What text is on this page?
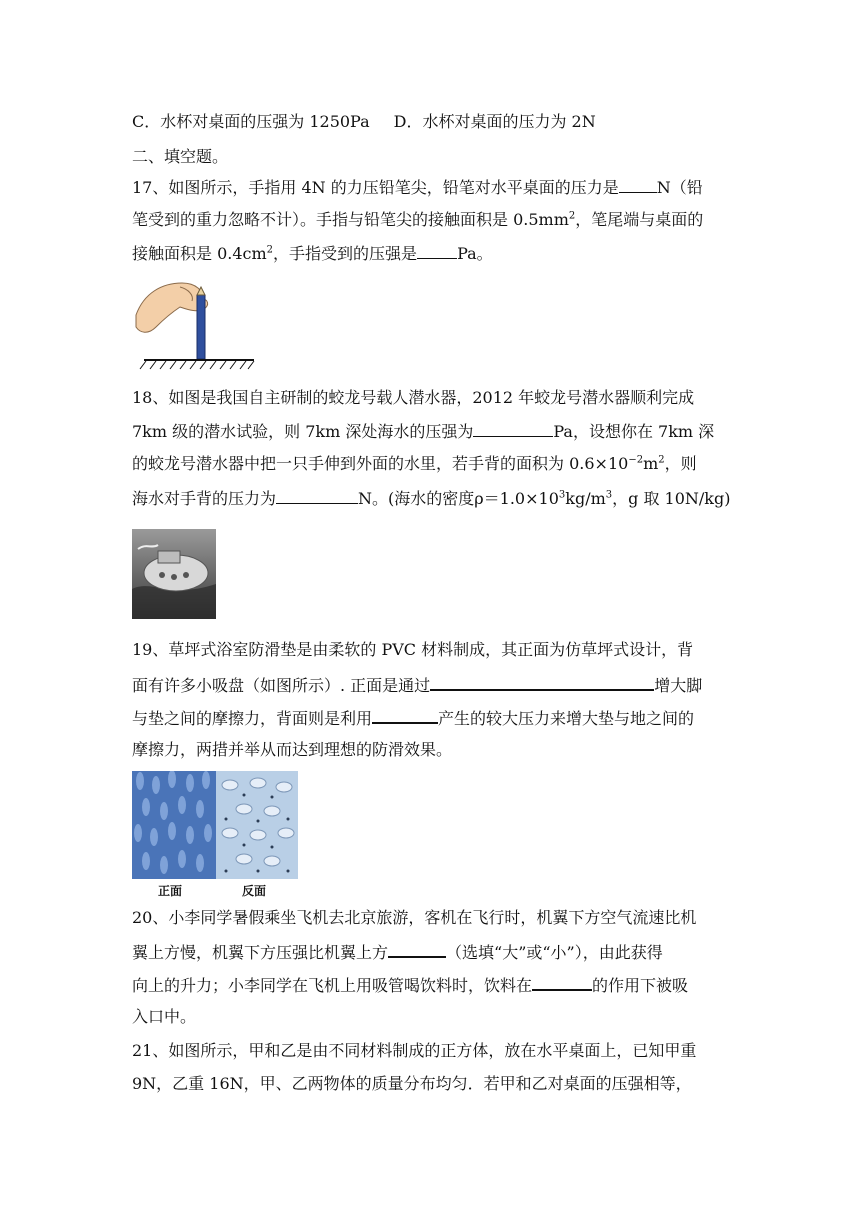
C．水杯对桌面的压强为 1250Pa D．水杯对桌面的压力为 2N
二、填空题。
17、如图所示，手指用 4N 的力压铅笔尖，铅笔对水平桌面的压力是 N（铅
笔受到的重力忽略不计）。手指与铅笔尖的接触面积是 $0.5mm^2$，笔尾端与桌面的
接触面积是 $0.4cm^2$，手指受到的压强是	Pa。
18、如图是我国自主研制的蛟龙号载人潜水器，2012 年蛟龙号潜水器顺利完成
7km 级的潜水试验，则 7km 深处海水的压强为	Pa，设想你在 7km 深
的蛟龙号潜水器中把一只手伸到外面的水里，若手背的面积为 $0.6\times 10^{-2}m^2$，则
海水对手背的压力为	N。(海水的密度$\rho=1.0\times 10^3kg/m^3$，g 取 10N/kg)
19、草坪式浴室防滑垫是由柔软的 PVC 材料制成，其正面为仿草坪式设计，背
面有许多小吸盘（如图所示）. 正面是通过	增大脚
与垫之间的摩擦力，背面则是利用	产生的较大压力来增大垫与地之间的
摩擦力，两措并举从而达到理想的防滑效果。
正面	反面
20、小李同学暑假乘坐飞机去北京旅游，客机在飞行时，机翼下方空气流速比机
翼上方慢，机翼下方压强比机翼上方	（选填“大”或“小”），由此获得
向上的升力；小李同学在飞机上用吸管喝饮料时，饮料在	的作用下被吸
入口中。
21、如图所示，甲和乙是由不同材料制成的正方体，放在水平桌面上，已知甲重
9N，乙重 16N，甲、乙两物体的质量分布均匀．若甲和乙对桌面的压强相等，
